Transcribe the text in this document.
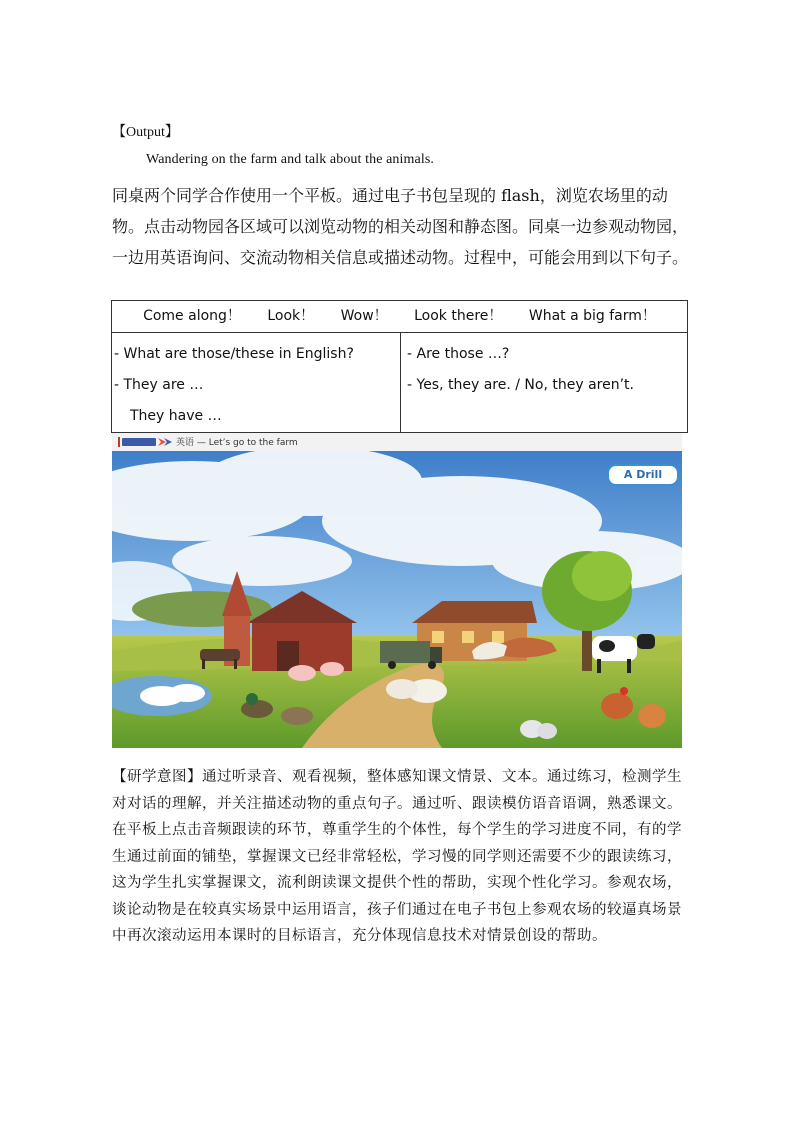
【Output】
Wandering on the farm and talk about the animals.
同桌两个同学合作使用一个平板。通过电子书包呈现的 flash，浏览农场里的动物。点击动物园各区域可以浏览动物的相关动图和静态图。同桌一边参观动物园，一边用英语询问、交流动物相关信息或描述动物。过程中，可能会用到以下句子。
Come along！ Look！ Wow！ Look there！ What a big farm！

- What are those/these in English?
- They are …
They have …

- Are those …?
- Yes, they are. / No, they aren’t.
英语 — Let’s go to the farm
A Drill
【研学意图】通过听录音、观看视频，整体感知课文情景、文本。通过练习，检测学生对对话的理解，并关注描述动物的重点句子。通过听、跟读模仿语音语调，熟悉课文。在平板上点击音频跟读的环节，尊重学生的个体性，每个学生的学习进度不同，有的学生通过前面的铺垫，掌握课文已经非常轻松，学习慢的同学则还需要不少的跟读练习，这为学生扎实掌握课文，流利朗读课文提供个性的帮助，实现个性化学习。参观农场，谈论动物是在较真实场景中运用语言，孩子们通过在电子书包上参观农场的较逼真场景中再次滚动运用本课时的目标语言，充分体现信息技术对情景创设的帮助。
